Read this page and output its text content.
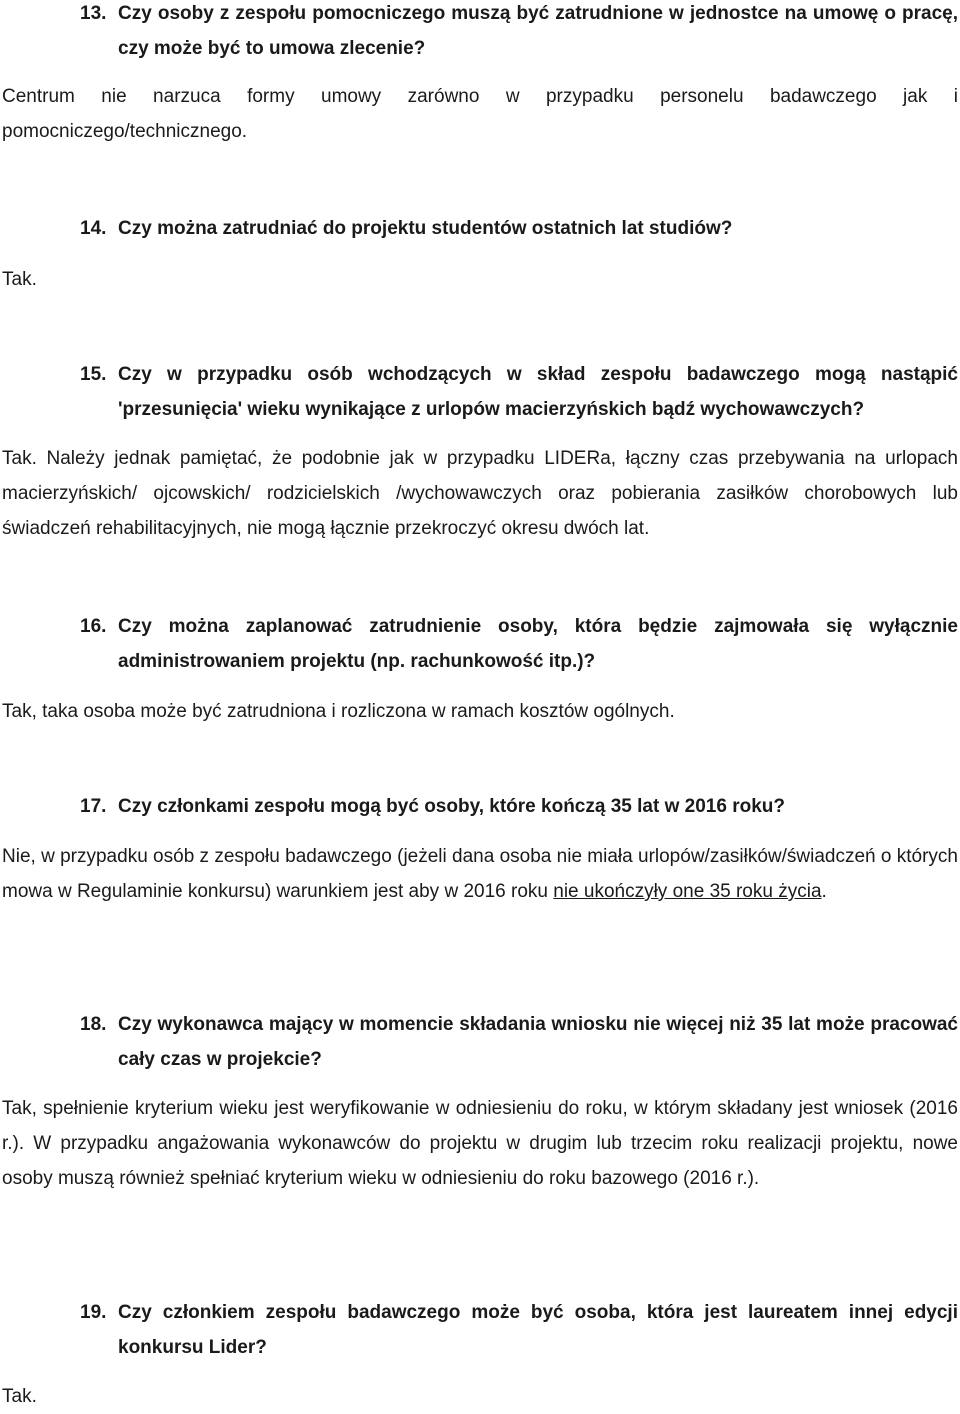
13. Czy osoby z zespołu pomocniczego muszą być zatrudnione w jednostce na umowę o pracę, czy może być to umowa zlecenie?
Centrum nie narzuca formy umowy zarówno w przypadku personelu badawczego jak i pomocniczego/technicznego.
14. Czy można zatrudniać do projektu studentów ostatnich lat studiów?
Tak.
15. Czy w przypadku osób wchodzących w skład zespołu badawczego mogą nastąpić 'przesunięcia' wieku wynikające z urlopów macierzyńskich bądź wychowawczych?
Tak. Należy jednak pamiętać, że podobnie jak w przypadku LIDERa, łączny czas przebywania na urlopach macierzyńskich/ ojcowskich/ rodzicielskich /wychowawczych oraz pobierania zasiłków chorobowych lub świadczeń rehabilitacyjnych, nie mogą łącznie przekroczyć okresu dwóch lat.
16. Czy można zaplanować zatrudnienie osoby, która będzie zajmowała się wyłącznie administrowaniem projektu (np. rachunkowość itp.)?
Tak, taka osoba może być zatrudniona i rozliczona w ramach kosztów ogólnych.
17. Czy członkami zespołu mogą być osoby, które kończą 35 lat w 2016 roku?
Nie, w przypadku osób z zespołu badawczego (jeżeli dana osoba nie miała urlopów/zasiłków/świadczeń o których mowa w Regulaminie konkursu) warunkiem jest aby w 2016 roku nie ukończyły one 35 roku życia.
18. Czy wykonawca mający w momencie składania wniosku nie więcej niż 35 lat może pracować cały czas w projekcie?
Tak, spełnienie kryterium wieku jest weryfikowanie w odniesieniu do roku, w którym składany jest wniosek (2016 r.). W przypadku angażowania wykonawców do projektu w drugim lub trzecim roku realizacji projektu, nowe osoby muszą również spełniać kryterium wieku w odniesieniu do roku bazowego (2016 r.).
19. Czy członkiem zespołu badawczego może być osoba, która jest laureatem innej edycji konkursu Lider?
Tak.
